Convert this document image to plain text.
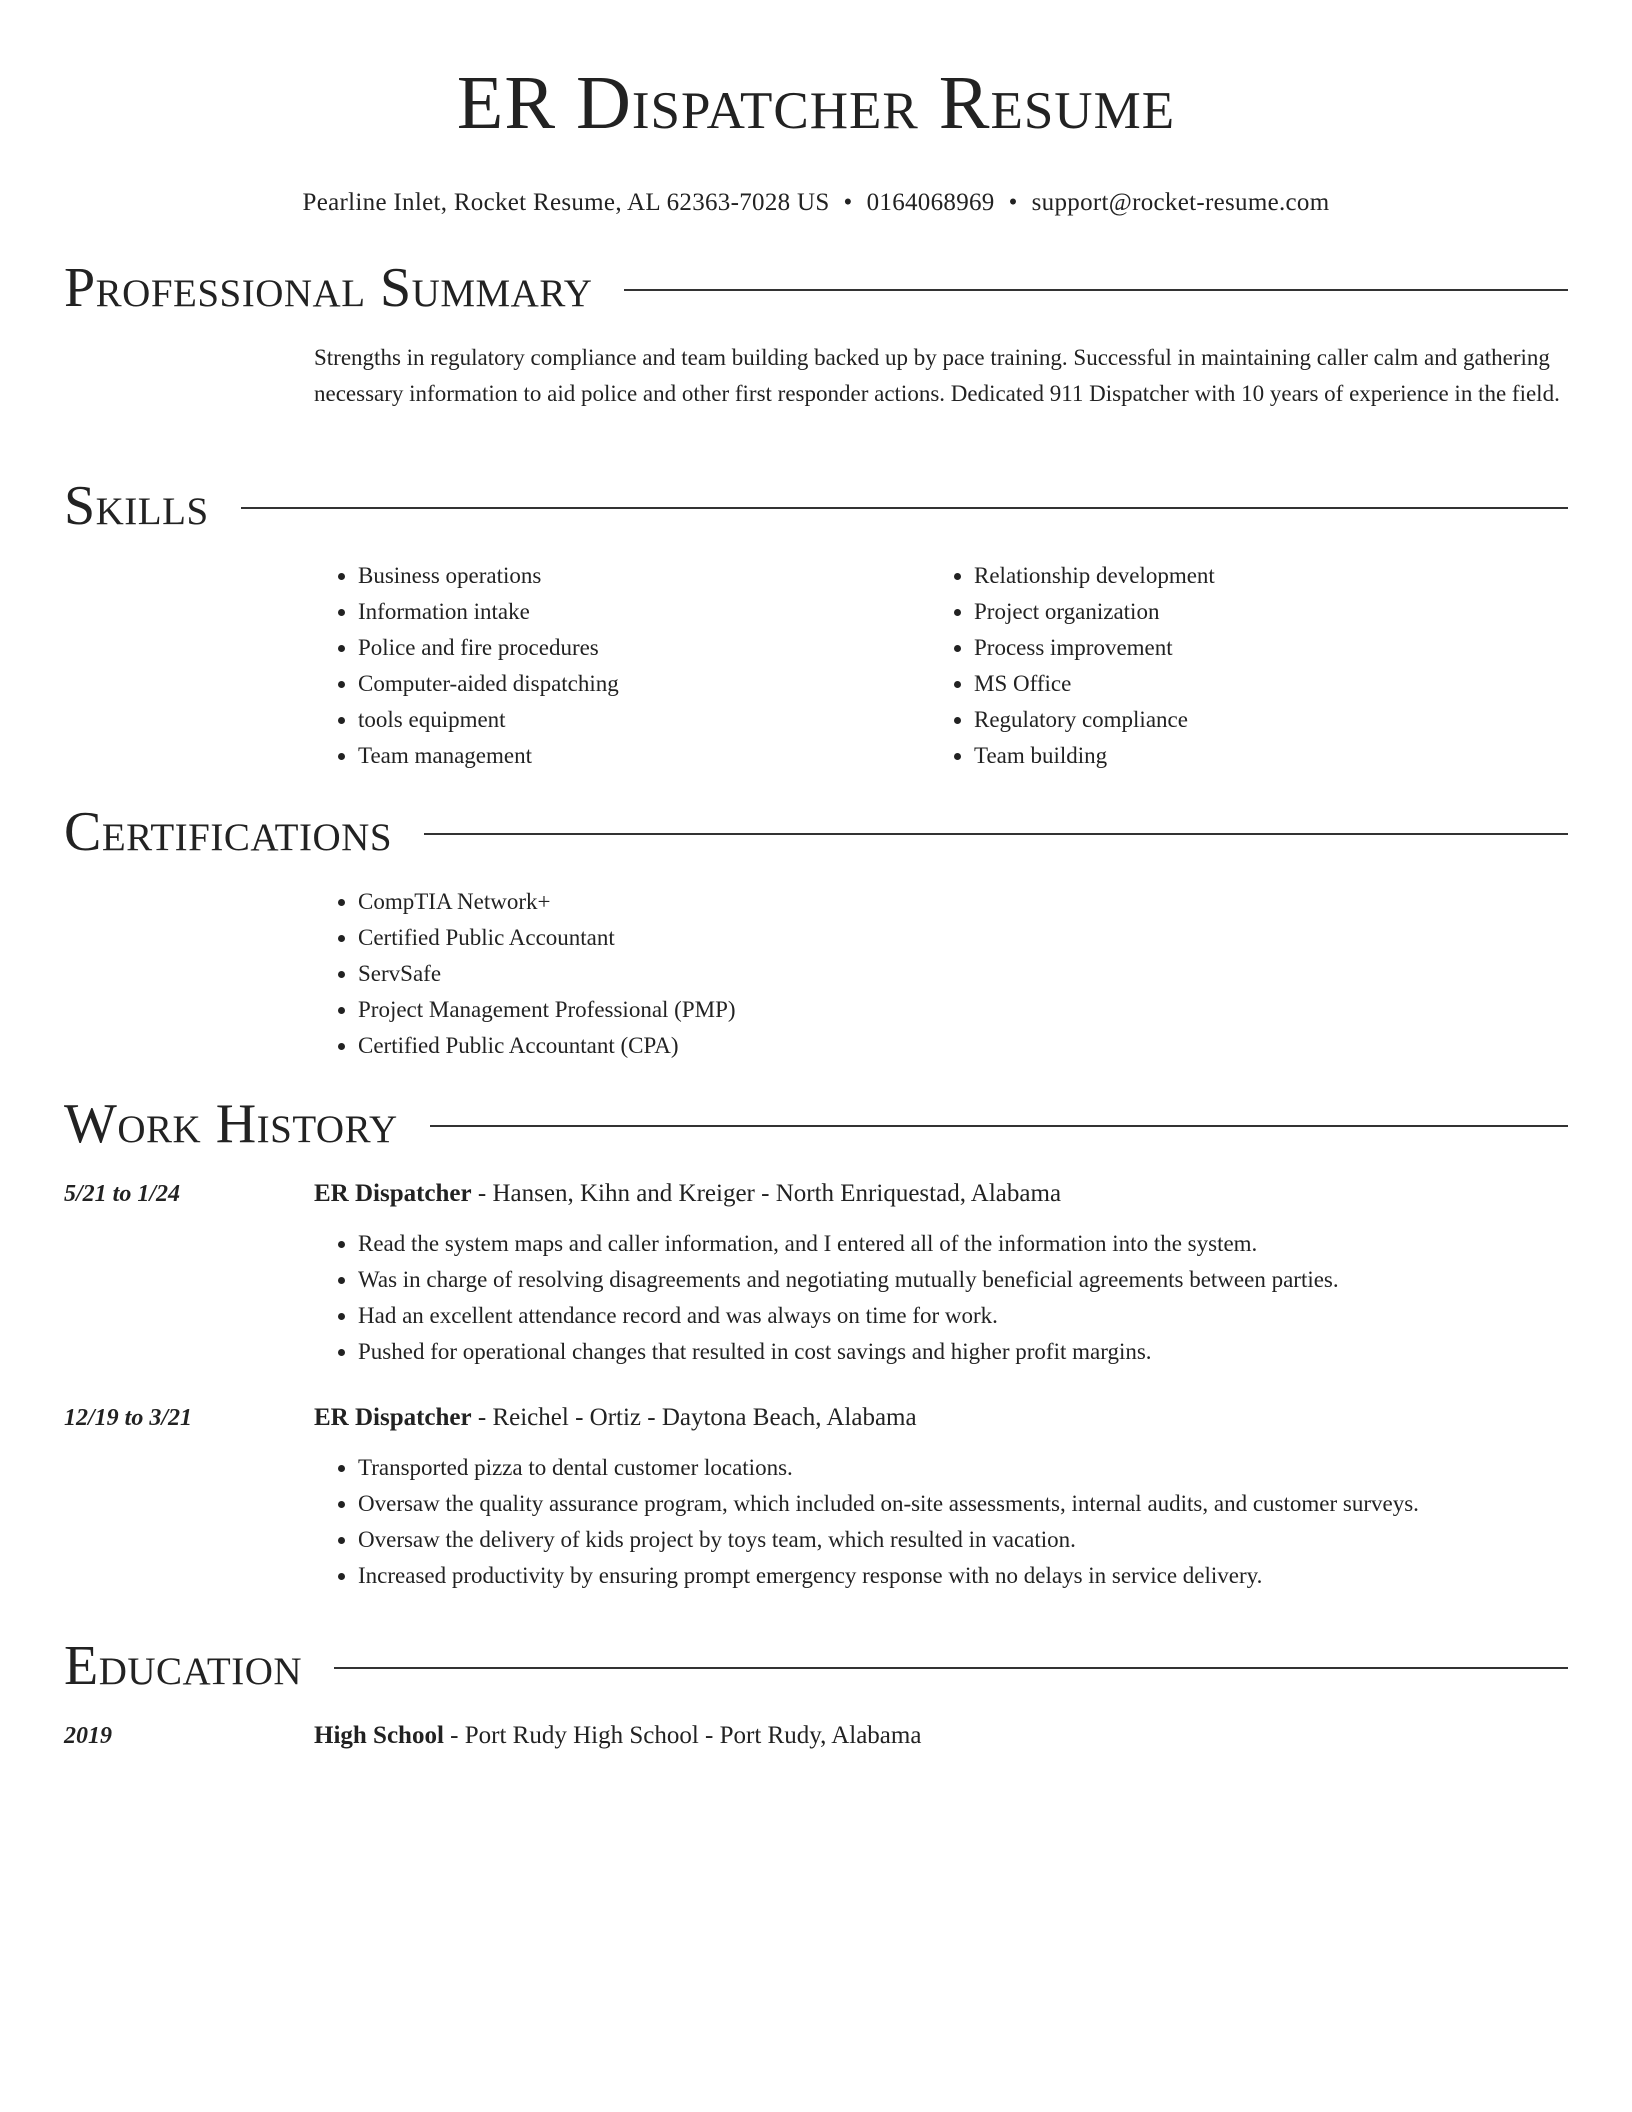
ER Dispatcher Resume
Pearline Inlet, Rocket Resume, AL 62363-7028 US • 0164068969 • support@rocket-resume.com
Professional Summary

Strengths in regulatory compliance and team building backed up by pace training. Successful in maintaining caller calm and gathering necessary information to aid police and other first responder actions. Dedicated 911 Dispatcher with 10 years of experience in the field.

Skills
• Business operations
• Information intake
• Police and fire procedures
• Computer-aided dispatching
• tools equipment
• Team management
• Relationship development
• Project organization
• Process improvement
• MS Office
• Regulatory compliance
• Team building
Certifications
• CompTIA Network+
• Certified Public Accountant
• ServSafe
• Project Management Professional (PMP)
• Certified Public Accountant (CPA)
Work History
5/21 to 1/24	ER Dispatcher - Hansen, Kihn and Kreiger - North Enriquestad, Alabama
• Read the system maps and caller information, and I entered all of the information into the system.
• Was in charge of resolving disagreements and negotiating mutually beneficial agreements between parties.
• Had an excellent attendance record and was always on time for work.
• Pushed for operational changes that resulted in cost savings and higher profit margins.
12/19 to 3/21	ER Dispatcher - Reichel - Ortiz - Daytona Beach, Alabama
• Transported pizza to dental customer locations.
• Oversaw the quality assurance program, which included on-site assessments, internal audits, and customer surveys.
• Oversaw the delivery of kids project by toys team, which resulted in vacation.
• Increased productivity by ensuring prompt emergency response with no delays in service delivery.
Education
2019	High School - Port Rudy High School - Port Rudy, Alabama
